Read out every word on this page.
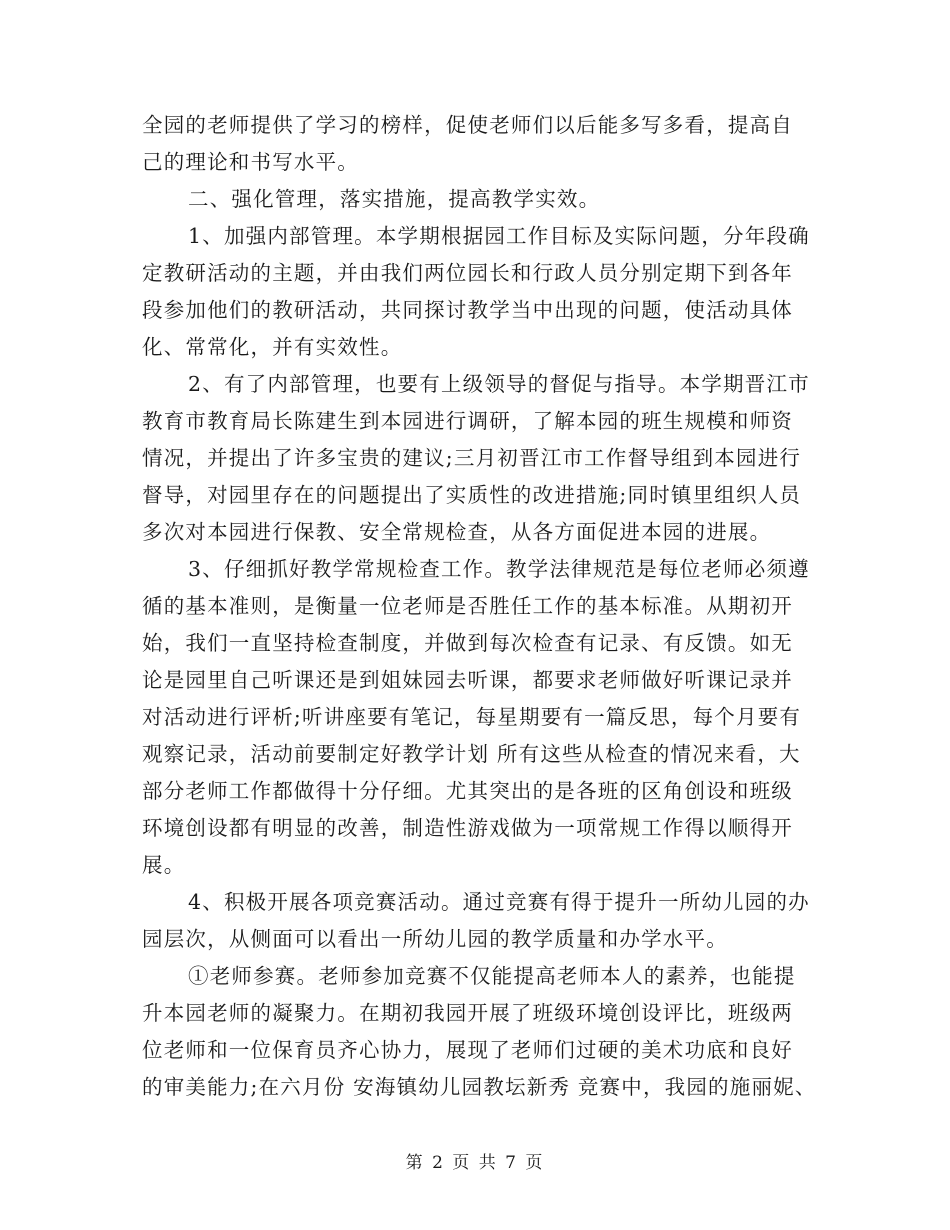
全园的老师提供了学习的榜样，促使老师们以后能多写多看，提高自
己的理论和书写水平。
二、强化管理，落实措施，提高教学实效。
1、加强内部管理。本学期根据园工作目标及实际问题，分年段确
定教研活动的主题，并由我们两位园长和行政人员分别定期下到各年
段参加他们的教研活动，共同探讨教学当中出现的问题，使活动具体
化、常常化，并有实效性。
2、有了内部管理，也要有上级领导的督促与指导。本学期晋江市
教育市教育局长陈建生到本园进行调研，了解本园的班生规模和师资
情况，并提出了许多宝贵的建议;三月初晋江市工作督导组到本园进行
督导，对园里存在的问题提出了实质性的改进措施;同时镇里组织人员
多次对本园进行保教、安全常规检查，从各方面促进本园的进展。
3、仔细抓好教学常规检查工作。教学法律规范是每位老师必须遵
循的基本准则，是衡量一位老师是否胜任工作的基本标准。从期初开
始，我们一直坚持检查制度，并做到每次检查有记录、有反馈。如无
论是园里自己听课还是到姐妹园去听课，都要求老师做好听课记录并
对活动进行评析;听讲座要有笔记，每星期要有一篇反思，每个月要有
观察记录，活动前要制定好教学计划 所有这些从检查的情况来看，大
部分老师工作都做得十分仔细。尤其突出的是各班的区角创设和班级
环境创设都有明显的改善，制造性游戏做为一项常规工作得以顺得开
展。
4、积极开展各项竞赛活动。通过竞赛有得于提升一所幼儿园的办
园层次，从侧面可以看出一所幼儿园的教学质量和办学水平。
①老师参赛。老师参加竞赛不仅能提高老师本人的素养，也能提
升本园老师的凝聚力。在期初我园开展了班级环境创设评比，班级两
位老师和一位保育员齐心协力，展现了老师们过硬的美术功底和良好
的审美能力;在六月份 安海镇幼儿园教坛新秀 竞赛中，我园的施丽妮、
第 2 页 共 7 页
